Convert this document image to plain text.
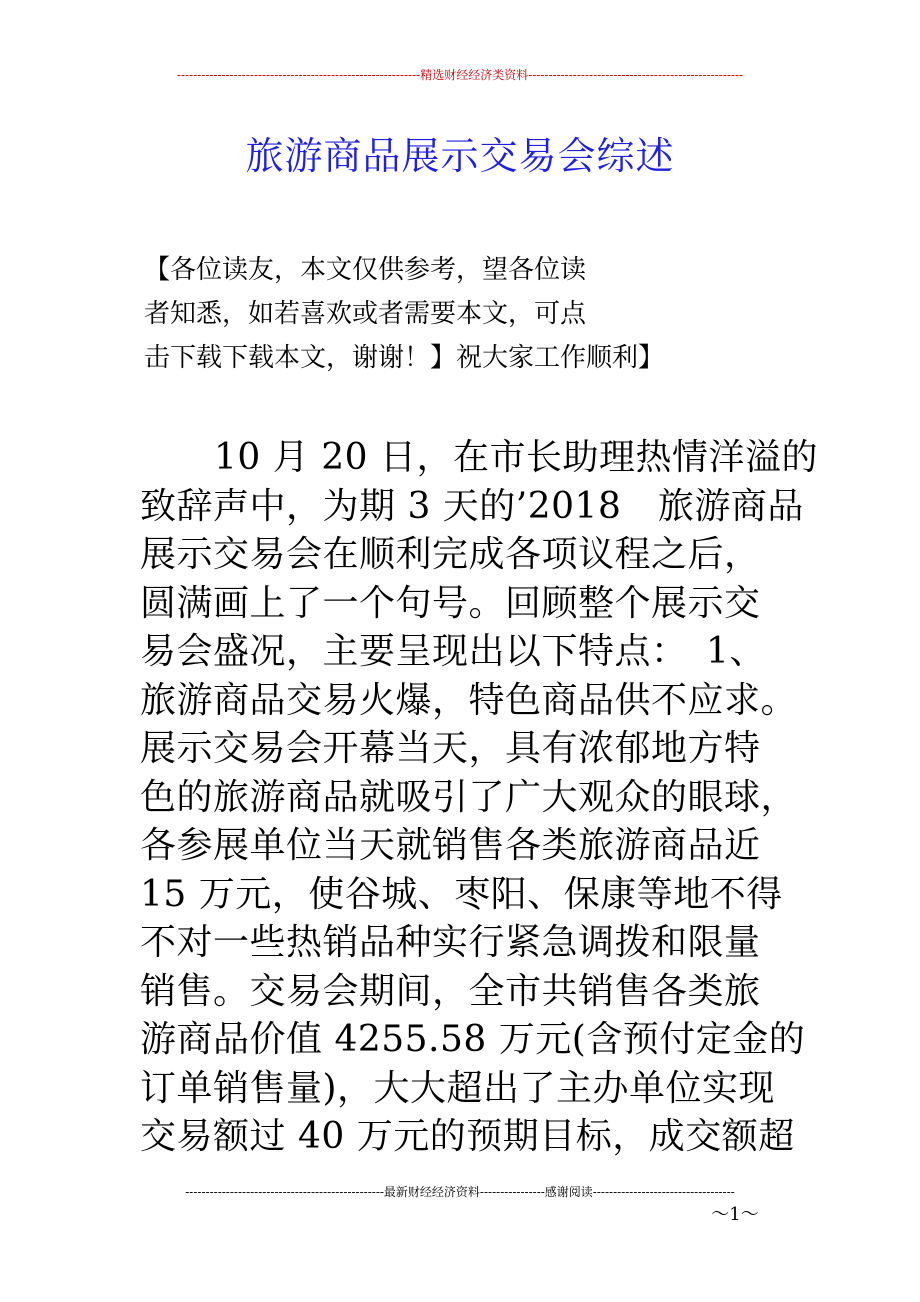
------------------------------------------------------------精选财经经济类资料-----------------------------------------------------
旅游商品展示交易会综述
【各位读友，本文仅供参考，望各位读
者知悉，如若喜欢或者需要本文，可点
击下载下载本文，谢谢！】祝大家工作顺利】
10 月 20 日，在市长助理热情洋溢的
致辞声中，为期 3 天的’2018　旅游商品
展示交易会在顺利完成各项议程之后，
圆满画上了一个句号。回顾整个展示交
易会盛况，主要呈现出以下特点：　1、
旅游商品交易火爆，特色商品供不应求。
展示交易会开幕当天，具有浓郁地方特
色的旅游商品就吸引了广大观众的眼球，
各参展单位当天就销售各类旅游商品近
15 万元，使谷城、枣阳、保康等地不得
不对一些热销品种实行紧急调拨和限量
销售。交易会期间，全市共销售各类旅
游商品价值 4255.58 万元(含预付定金的
订单销售量)，大大超出了主办单位实现
交易额过 40 万元的预期目标，成交额超
-------------------------------------------------最新财经经济资料----------------感谢阅读-----------------------------------
～1～
